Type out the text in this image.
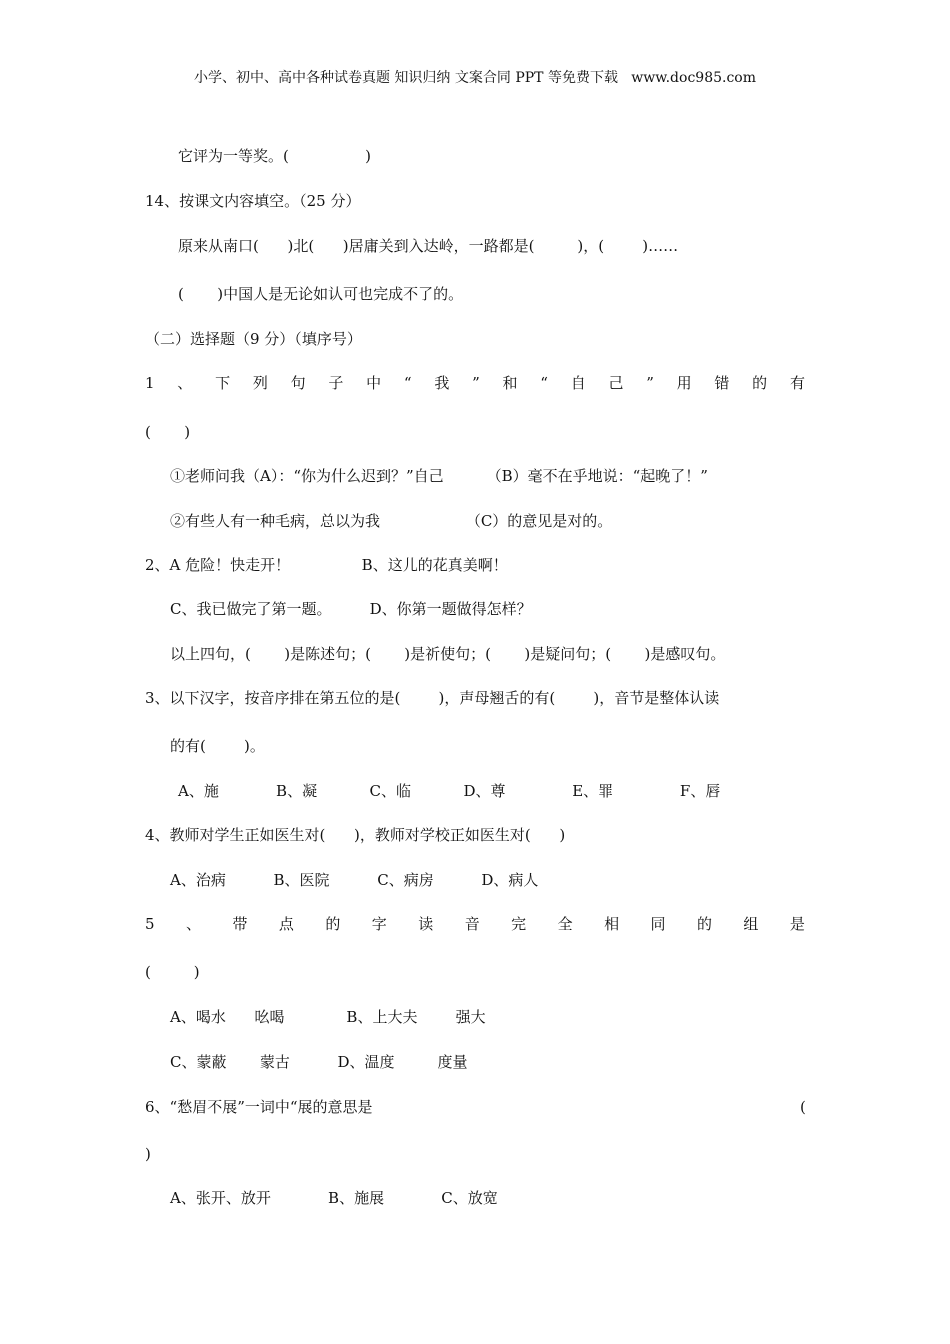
小学、初中、高中各种试卷真题 知识归纳 文案合同 PPT 等免费下载   www.doc985.com
它评为一等奖。(                )
14、按课文内容填空。（25 分）
原来从南口(      )北(      )居庸关到入达岭，一路都是(         )，(        )……
(       )中国人是无论如认可也完成不了的。
（二）选择题（9 分）（填序号）
1 、 下 列 句 子 中 “ 我 ” 和 “ 自 己 ” 用 错 的 有
(       )
①老师问我（A）：“你为什么迟到？”自己         （B）毫不在乎地说：“起晚了！”
②有些人有一种毛病，总以为我                  （C）的意见是对的。
2、A 危险！快走开！               B、这儿的花真美啊！
C、我已做完了第一题。        D、你第一题做得怎样？
以上四句，(       )是陈述句；(       )是祈使句；(       )是疑问句；(       )是感叹句。
3、以下汉字，按音序排在第五位的是(        )，声母翘舌的有(        )，音节是整体认读
的有(        )。
A、施            B、凝           C、临           D、尊              E、罪              F、唇
4、教师对学生正如医生对(      )，教师对学校正如医生对(      )
A、治病          B、医院          C、病房          D、病人
5 、 带 点 的 字 读 音 完 全 相 同 的 组 是
(         )
A、喝水      吆喝             B、上大夫        强大
C、蒙蔽       蒙古          D、温度         度量
6、“愁眉不展”一词中“展的意思是	(
)
A、张开、放开            B、施展            C、放宽
